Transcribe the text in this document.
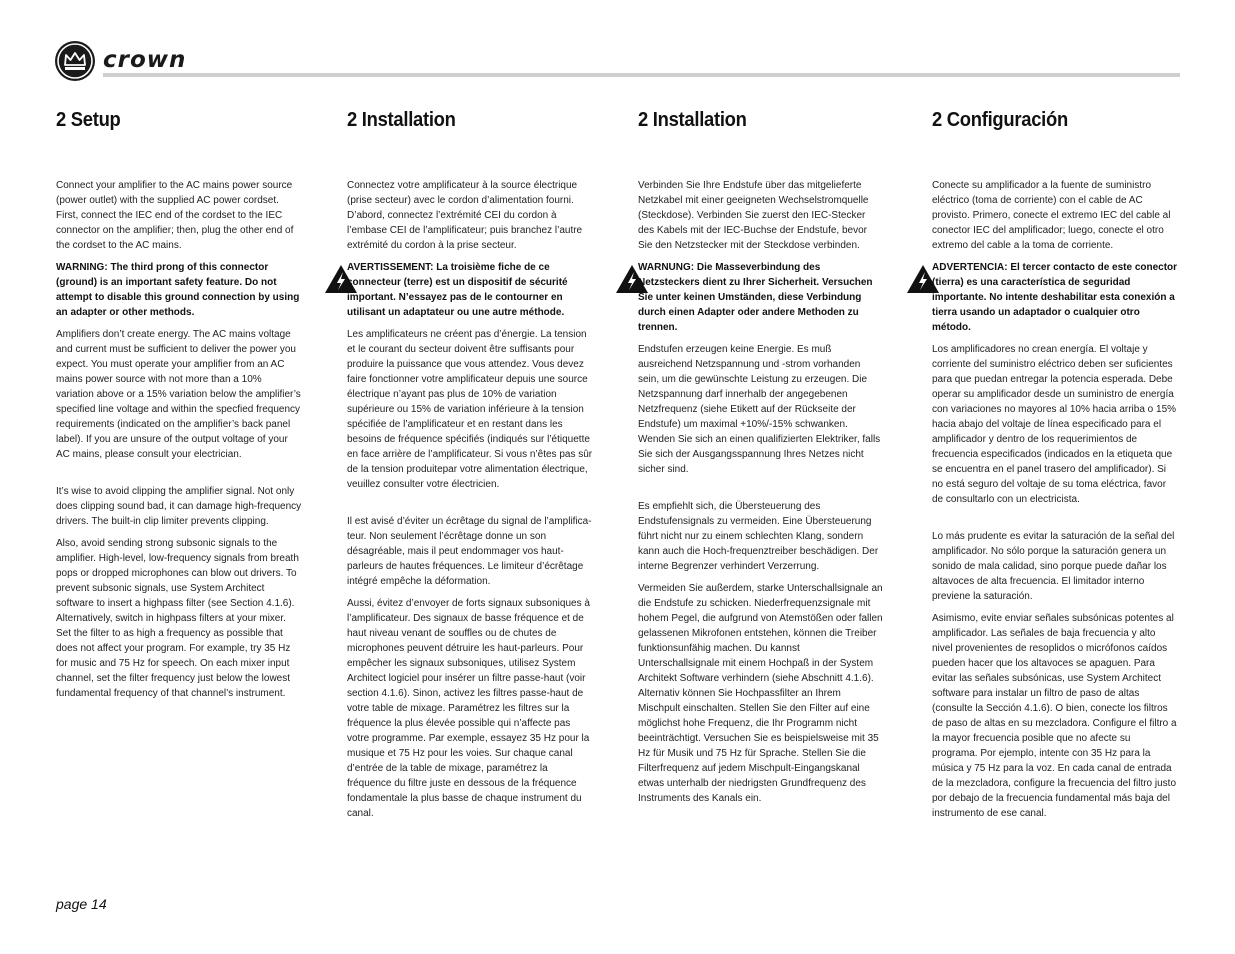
crown
2 Setup

Connect your amplifier to the AC mains power source (power outlet) with the supplied AC power cordset. First, connect the IEC end of the cordset to the IEC connector on the amplifier; then, plug the other end of the cordset to the AC mains.

WARNING: The third prong of this connector (ground) is an important safety feature. Do not attempt to disable this ground connection by using an adapter or other methods.

Amplifiers don’t create energy. The AC mains voltage and current must be sufficient to deliver the power you expect. You must operate your amplifier from an AC mains power source with not more than a 10% variation above or a 15% variation below the amplifier’s specified line voltage and within the specfied frequency requirements (indicated on the amplifier’s back panel label). If you are unsure of the output voltage of your AC mains, please consult your electrician.

It’s wise to avoid clipping the amplifier signal. Not only does clipping sound bad, it can damage high-frequency drivers. The built-in clip limiter prevents clipping.

Also, avoid sending strong subsonic signals to the amplifier. High-level, low-frequency signals from breath pops or dropped microphones can blow out drivers. To prevent subsonic signals, use System Architect software to insert a highpass filter (see Section 4.1.6). Alternatively, switch in highpass filters at your mixer. Set the filter to as high a frequency as possible that does not affect your program. For example, try 35 Hz for music and 75 Hz for speech. On each mixer input channel, set the filter frequency just below the lowest fundamental frequency of that channel’s instrument.

2 Installation

Connectez votre amplificateur à la source électrique (prise secteur) avec le cordon d’alimentation fourni. D’abord, connectez l’extrémité CEI du cordon à l’embase CEI de l’amplificateur; puis branchez l’autre extrémité du cordon à la prise secteur.

AVERTISSEMENT: La troisième fiche de ce connecteur (terre) est un dispositif de sécurité important. N’essayez pas de le contourner en utilisant un adaptateur ou une autre méthode.

Les amplificateurs ne créent pas d’énergie. La tension et le courant du secteur doivent être suffisants pour produire la puissance que vous attendez. Vous devez faire fonctionner votre amplificateur depuis une source électrique n’ayant pas plus de 10% de variation supérieure ou 15% de variation inférieure à la tension spécifiée de l’amplificateur et en restant dans les besoins de fréquence spécifiés (indiqués sur l’étiquette en face arrière de l’amplificateur. Si vous n’êtes pas sûr de la tension produitepar votre alimentation électrique, veuillez consulter votre électricien.

Il est avisé d’éviter un écrêtage du signal de l’amplifica-teur. Non seulement l’écrêtage donne un son désagréable, mais il peut endommager vos haut-parleurs de hautes fréquences. Le limiteur d’écrêtage intégré empêche la déformation.

Aussi, évitez d’envoyer de forts signaux subsoniques à l’amplificateur. Des signaux de basse fréquence et de haut niveau venant de souffles ou de chutes de microphones peuvent détruire les haut-parleurs. Pour empêcher les signaux subsoniques, utilisez System Architect logiciel pour insérer un filtre passe-haut (voir section 4.1.6). Sinon, activez les filtres passe-haut de votre table de mixage. Paramétrez les filtres sur la fréquence la plus élevée possible qui n’affecte pas votre programme. Par exemple, essayez 35 Hz pour la musique et 75 Hz pour les voies. Sur chaque canal d’entrée de la table de mixage, paramétrez la fréquence du filtre juste en dessous de la fréquence fondamentale la plus basse de chaque instrument du canal.

2 Installation

Verbinden Sie Ihre Endstufe über das mitgelieferte Netzkabel mit einer geeigneten Wechselstromquelle (Steckdose). Verbinden Sie zuerst den IEC-Stecker des Kabels mit der IEC-Buchse der Endstufe, bevor Sie den Netzstecker mit der Steckdose verbinden.

WARNUNG: Die Masseverbindung des Netzsteckers dient zu Ihrer Sicherheit. Versuchen Sie unter keinen Umständen, diese Verbindung durch einen Adapter oder andere Methoden zu trennen.

Endstufen erzeugen keine Energie. Es muß ausreichend Netzspannung und -strom vorhanden sein, um die gewünschte Leistung zu erzeugen. Die Netzspannung darf innerhalb der angegebenen Netzfrequenz (siehe Etikett auf der Rückseite der Endstufe) um maximal +10%/-15% schwanken. Wenden Sie sich an einen qualifizierten Elektriker, falls Sie sich der Ausgangsspannung Ihres Netzes nicht sicher sind.

Es empfiehlt sich, die Übersteuerung des Endstufensignals zu vermeiden. Eine Übersteuerung führt nicht nur zu einem schlechten Klang, sondern kann auch die Hoch-frequenztreiber beschädigen. Der interne Begrenzer verhindert Verzerrung.

Vermeiden Sie außerdem, starke Unterschallsignale an die Endstufe zu schicken. Niederfrequenzsignale mit hohem Pegel, die aufgrund von Atemstößen oder fallen gelassenen Mikrofonen entstehen, können die Treiber funktionsunfähig machen. Du kannst Unterschallsignale mit einem Hochpaß in der System Architekt Software verhindern (siehe Abschnitt 4.1.6). Alternativ können Sie Hochpassfilter an Ihrem Mischpult einschalten. Stellen Sie den Filter auf eine möglichst hohe Frequenz, die Ihr Programm nicht beeinträchtigt. Versuchen Sie es beispielsweise mit 35 Hz für Musik und 75 Hz für Sprache. Stellen Sie die Filterfrequenz auf jedem Mischpult-Eingangskanal etwas unterhalb der niedrigsten Grundfrequenz des Instruments des Kanals ein.

2 Configuración

Conecte su amplificador a la fuente de suministro eléctrico (toma de corriente) con el cable de AC provisto. Primero, conecte el extremo IEC del cable al conector IEC del amplificador; luego, conecte el otro extremo del cable a la toma de corriente.

ADVERTENCIA: El tercer contacto de este conector (tierra) es una característica de seguridad importante. No intente deshabilitar esta conexión a tierra usando un adaptador o cualquier otro método.

Los amplificadores no crean energía. El voltaje y corriente del suministro eléctrico deben ser suficientes para que puedan entregar la potencia esperada. Debe operar su amplificador desde un suministro de energía con variaciones no mayores al 10% hacia arriba o 15% hacia abajo del voltaje de línea especificado para el amplificador y dentro de los requerimientos de frecuencia especificados (indicados en la etiqueta que se encuentra en el panel trasero del amplificador). Si no está seguro del voltaje de su toma eléctrica, favor de consultarlo con un electricista.

Lo más prudente es evitar la saturación de la señal del amplificador. No sólo porque la saturación genera un sonido de mala calidad, sino porque puede dañar los altavoces de alta frecuencia. El limitador interno previene la saturación.

Asimismo, evite enviar señales subsónicas potentes al amplificador. Las señales de baja frecuencia y alto nivel provenientes de resoplidos o micrófonos caídos pueden hacer que los altavoces se apaguen. Para evitar las señales subsónicas, use System Architect software para instalar un filtro de paso de altas (consulte la Sección 4.1.6). O bien, conecte los filtros de paso de altas en su mezcladora. Configure el filtro a la mayor frecuencia posible que no afecte su programa. Por ejemplo, intente con 35 Hz para la música y 75 Hz para la voz. En cada canal de entrada de la mezcladora, configure la frecuencia del filtro justo por debajo de la frecuencia fundamental más baja del instrumento de ese canal.

page 14
